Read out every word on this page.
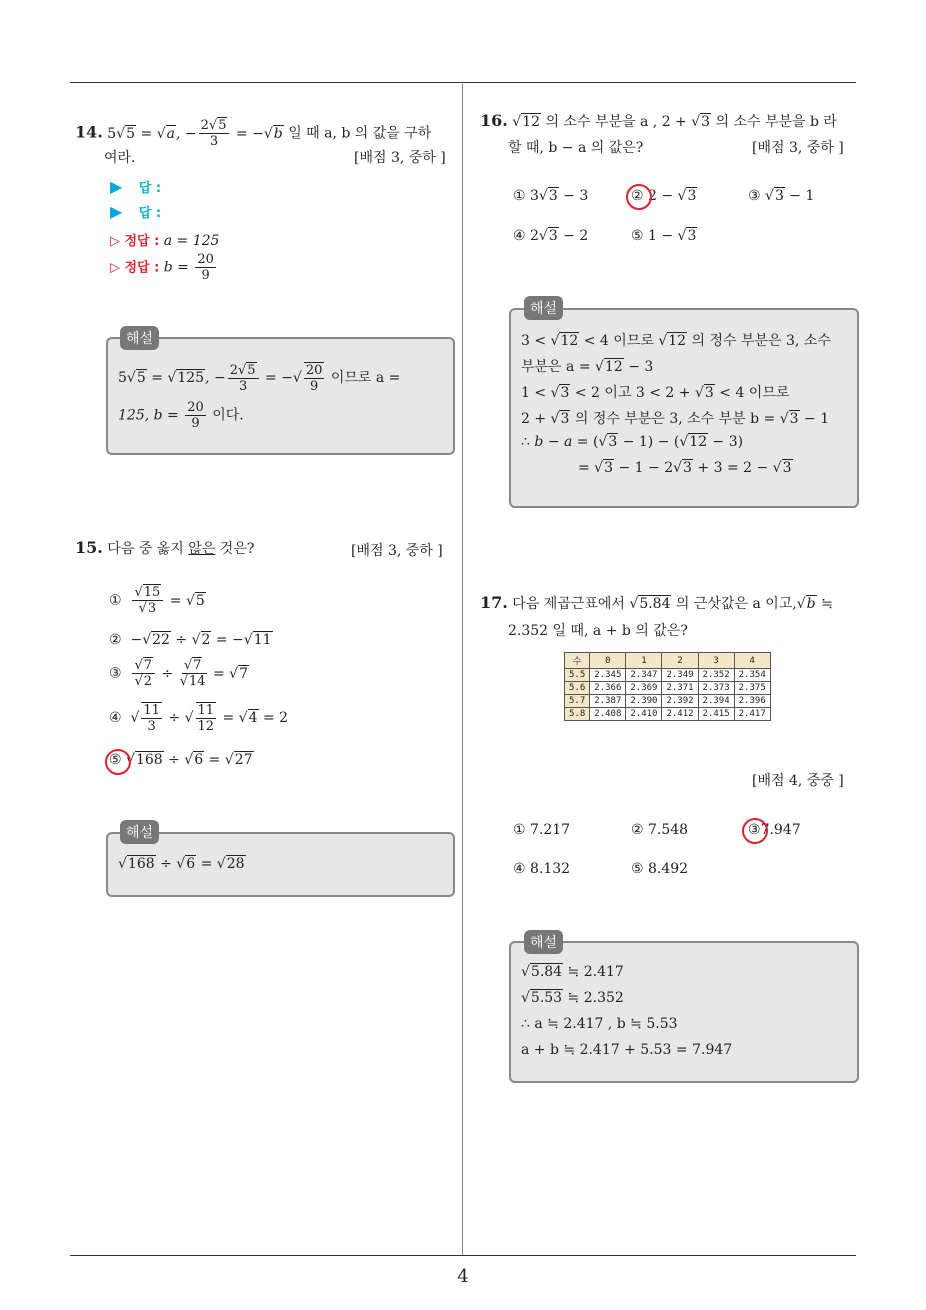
4
14. 5√5 = √a, − $\frac{2√5}{3} = -√b$ 일 때 a, b 의 값을 구하
여라.	[배점 3, 중하 ]
▶ 답 :
▶ 답 :
▷ 정답 : a = 125
▷ 정답 : $b = \frac{20}{9}$
해설
5√5 = √125, − $\frac{2√5}{3}$ = −√ $\frac{20}{9}$ 이므로 a =
125, $b = \frac{20}{9}$ 이다.
15. 다음 중 옳지 않은 것은?	[배점 3, 중하 ]
① $\frac{√15}{√3} = √5$
② −√22 ÷ √2 = −√11
③ $\frac{√7}{√2} \div \frac{√7}{√14} = √7$
④ √ $\frac{11}{3}$ ÷ √ $\frac{11}{12} = √4 = 2$
⑤ √168 ÷ √6 = √27
해설
√168 ÷ √6 = √28
16. √12 의 소수 부분을 a , 2 + √3 의 소수 부분을 b 라
할 때, b − a 의 값은?	[배점 3, 중하 ]
① 3√3 − 3	② 2 − √3	③ √3 − 1
④ 2√3 − 2	⑤ 1 − √3
해설
3 < √12 < 4 이므로 √12 의 정수 부분은 3, 소수
부분은 a = √12 − 3
1 < √3 < 2 이고 3 < 2 + √3 < 4 이므로
2 + √3 의 정수 부분은 3, 소수 부분 b = √3 − 1
∴ b − a = (√3 − 1) − (√12 − 3)
= √3 − 1 − 2√3 + 3 = 2 − √3
17. 다음 제곱근표에서 √5.84 의 근삿값은 a 이고,√b ≒
2.352 일 때, a + b 의 값은?
수	0	1	2	3	4
5.5	2.345	2.347	2.349	2.352	2.354
5.6	2.366	2.369	2.371	2.373	2.375
5.7	2.387	2.390	2.392	2.394	2.396
5.8	2.408	2.410	2.412	2.415	2.417
[배점 4, 중중 ]
① 7.217	② 7.548	③7.947
④ 8.132	⑤ 8.492
해설
√5.84 ≒ 2.417
√5.53 ≒ 2.352
∴ a ≒ 2.417 , b ≒ 5.53
a + b ≒ 2.417 + 5.53 = 7.947
